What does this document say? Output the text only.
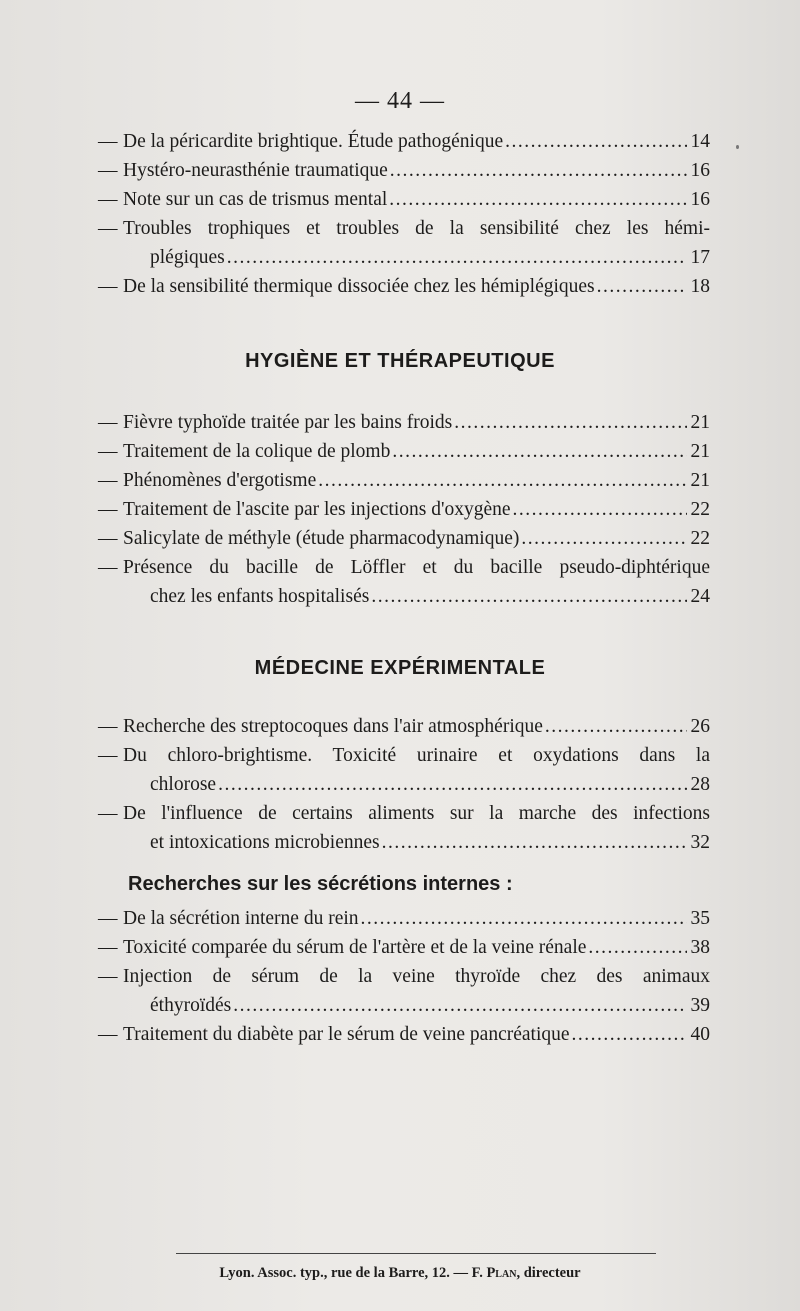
— 44 —
— De la péricardite brightique. Étude pathogénique .....	14
— Hystéro-neurasthénie traumatique .....	16
— Note sur un cas de trismus mental .....	16
— Troubles trophiques et troubles de la sensibilité chez les hémi-
plégiques .....	17
— De la sensibilité thermique dissociée chez les hémiplégiques .....	18
HYGIÈNE ET THÉRAPEUTIQUE
— Fièvre typhoïde traitée par les bains froids .....	21
— Traitement de la colique de plomb .....	21
— Phénomènes d'ergotisme .....	21
— Traitement de l'ascite par les injections d'oxygène .....	22
— Salicylate de méthyle (étude pharmacodynamique) .....	22
— Présence du bacille de Löffler et du bacille pseudo-diphtérique
chez les enfants hospitalisés .....	24
MÉDECINE EXPÉRIMENTALE
— Recherche des streptocoques dans l'air atmosphérique .....	26
— Du chloro-brightisme. Toxicité urinaire et oxydations dans la
chlorose .....	28
— De l'influence de certains aliments sur la marche des infections
et intoxications microbiennes .....	32
Recherches sur les sécrétions internes :
— De la sécrétion interne du rein .....	35
— Toxicité comparée du sérum de l'artère et de la veine rénale .....	38
— Injection de sérum de la veine thyroïde chez des animaux
éthyroïdés .....	39
— Traitement du diabète par le sérum de veine pancréatique .....	40
Lyon. Assoc. typ., rue de la Barre, 12. — F. Plan, directeur
